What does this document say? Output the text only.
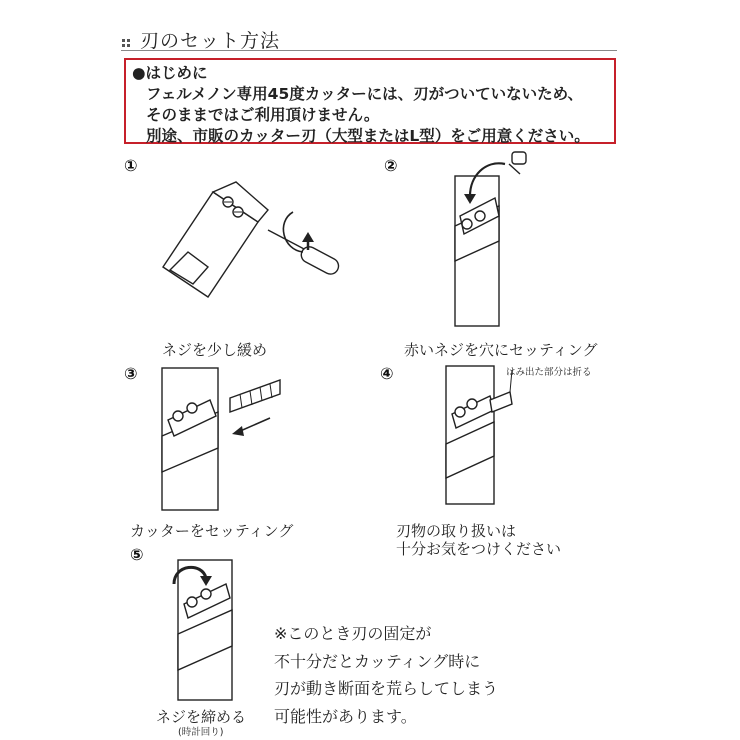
刃のセット方法
●はじめに
フェルメノン専用45度カッターには、刃がついていないため、
そのままではご利用頂けません。
別途、市販のカッター刃（大型またはL型）をご用意ください。
①
ネジを少し緩め
②
赤いネジを穴にセッティング
③
カッターをセッティング
④	はみ出た部分は折る
刃物の取り扱いは
十分お気をつけください
⑤
ネジを締める
(時計回り)
※このとき刃の固定が
不十分だとカッティング時に
刃が動き断面を荒らしてしまう
可能性があります。
